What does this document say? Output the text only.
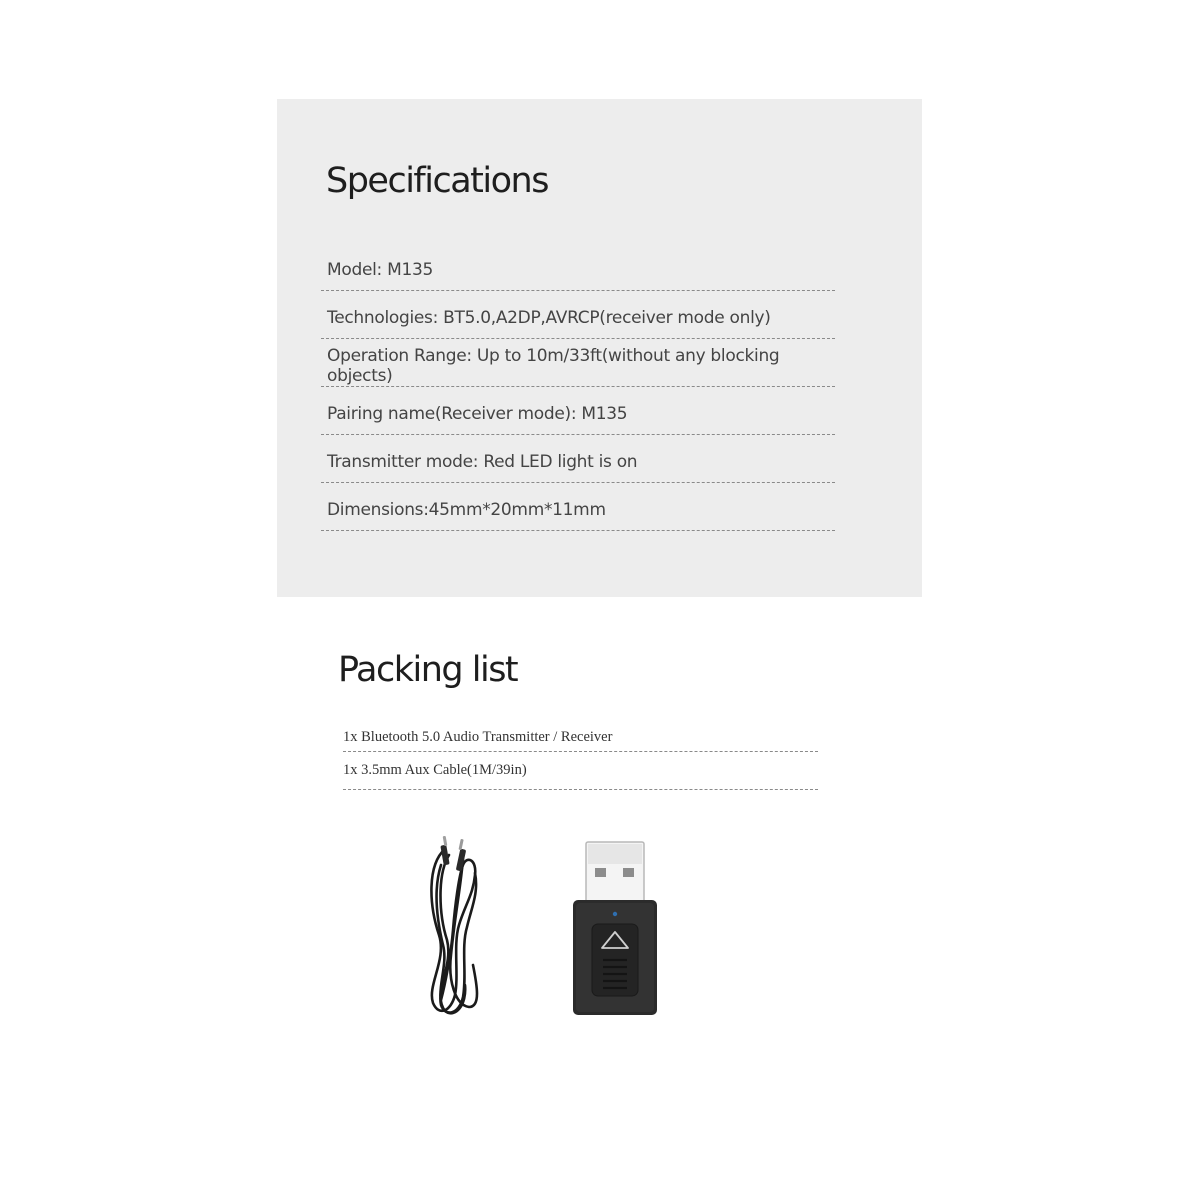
Specifications
Model: M135
Technologies: BT5.0,A2DP,AVRCP(receiver mode only)
Operation Range: Up to 10m/33ft(without any blocking objects)
Pairing name(Receiver mode): M135
Transmitter mode: Red LED light is on
Dimensions:45mm*20mm*11mm
Packing list
1x Bluetooth 5.0 Audio Transmitter / Receiver
1x 3.5mm Aux Cable(1M/39in)
